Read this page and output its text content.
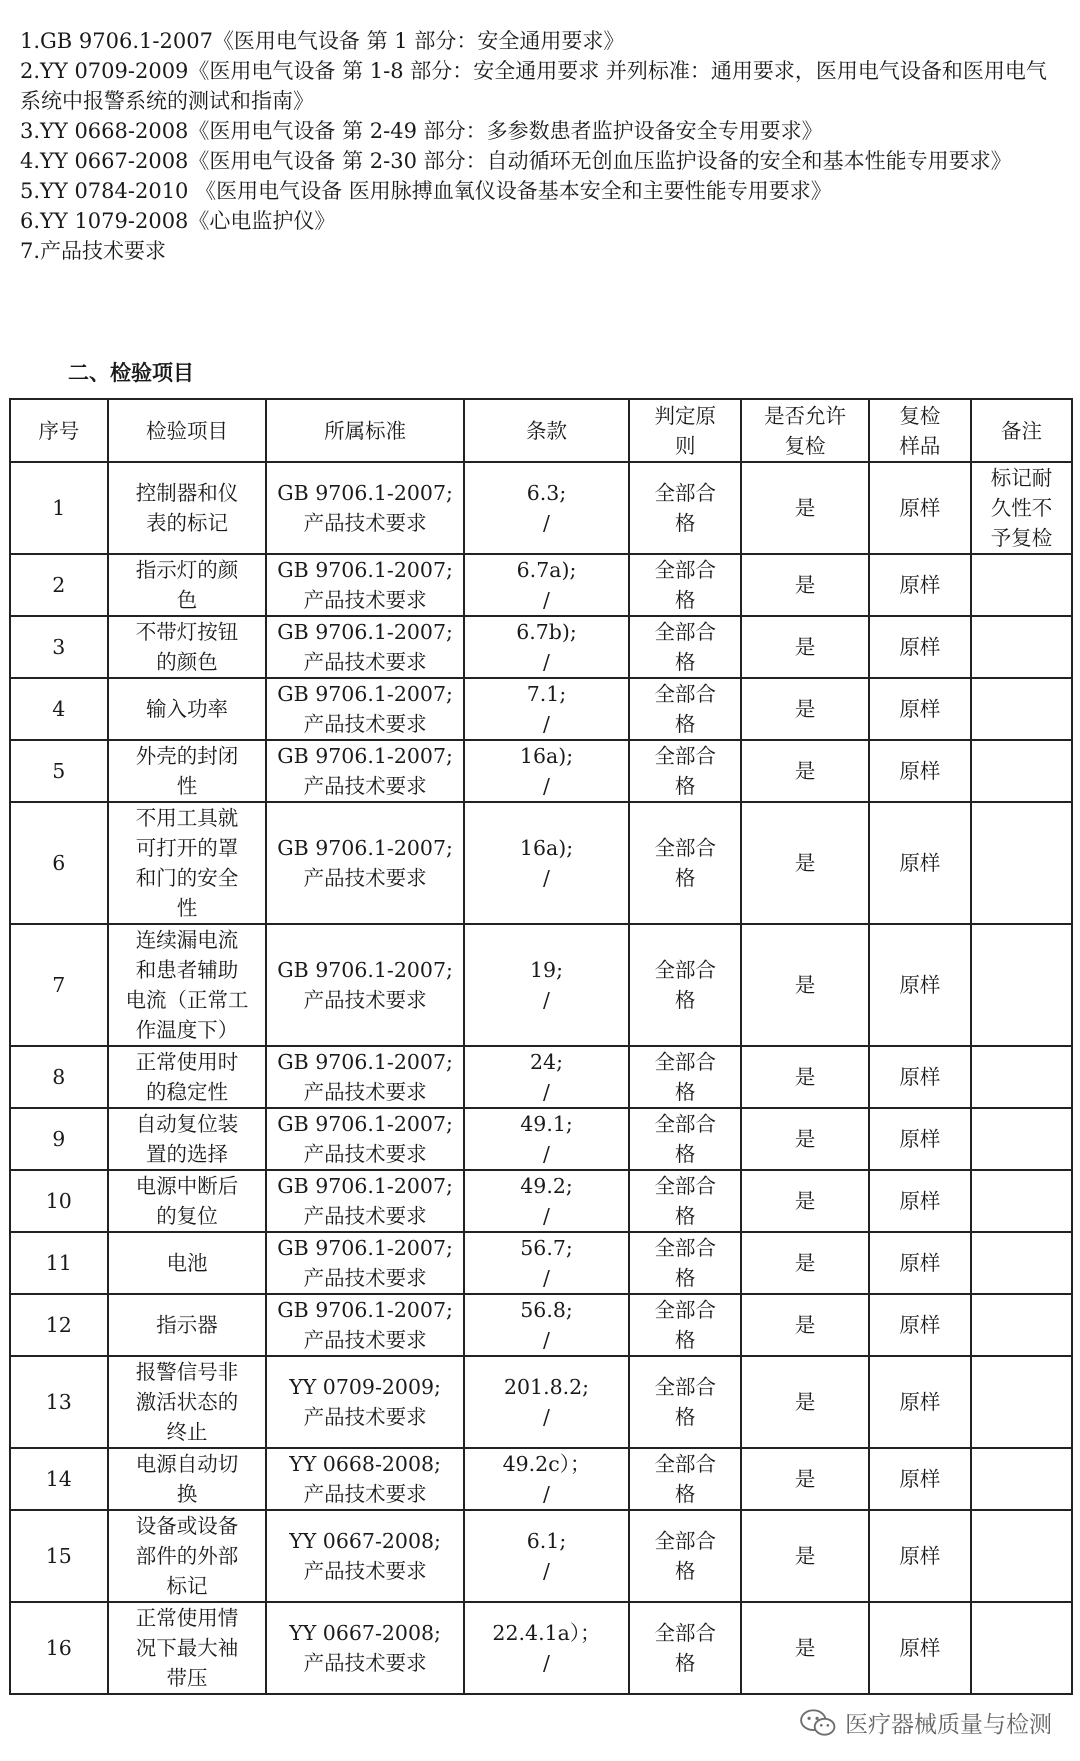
1.GB 9706.1-2007《医用电气设备 第 1 部分：安全通用要求》

2.YY 0709-2009《医用电气设备 第 1-8 部分：安全通用要求 并列标准：通用要求，医用电气设备和医用电气系统中报警系统的测试和指南》

3.YY 0668-2008《医用电气设备 第 2-49 部分：多参数患者监护设备安全专用要求》

4.YY 0667-2008《医用电气设备 第 2-30 部分：自动循环无创血压监护设备的安全和基本性能专用要求》

5.YY 0784-2010 《医用电气设备 医用脉搏血氧仪设备基本安全和主要性能专用要求》

6.YY 1079-2008《心电监护仪》

7.产品技术要求

二、检验项目
序号	检验项目	所属标准	条款	判定原
则	是否允许
复检	复检
样品	备注
1	控制器和仪
表的标记	GB 9706.1-2007;
产品技术要求	6.3;
/	全部合
格	是	原样	标记耐
久性不
予复检

2	指示灯的颜
色	GB 9706.1-2007;
产品技术要求	6.7a);
/	全部合
格	是	原样	
3	不带灯按钮
的颜色	GB 9706.1-2007;
产品技术要求	6.7b);
/	全部合
格	是	原样	
4	输入功率	GB 9706.1-2007;
产品技术要求	7.1;
/	全部合
格	是	原样	
5	外壳的封闭
性	GB 9706.1-2007;
产品技术要求	16a);
/	全部合
格	是	原样	
6	不用工具就
可打开的罩
和门的安全
性	GB 9706.1-2007;
产品技术要求	16a);
/	全部合
格	是	原样	
7	连续漏电流
和患者辅助
电流（正常工
作温度下）	GB 9706.1-2007;
产品技术要求	19;
/	全部合
格	是	原样	
8	正常使用时
的稳定性	GB 9706.1-2007;
产品技术要求	24;
/	全部合
格	是	原样	
9	自动复位装
置的选择	GB 9706.1-2007;
产品技术要求	49.1;
/	全部合
格	是	原样	
10	电源中断后
的复位	GB 9706.1-2007;
产品技术要求	49.2;
/	全部合
格	是	原样	
11	电池	GB 9706.1-2007;
产品技术要求	56.7;
/	全部合
格	是	原样	
12	指示器	GB 9706.1-2007;
产品技术要求	56.8;
/	全部合
格	是	原样	
13	报警信号非
激活状态的
终止	YY 0709-2009;
产品技术要求	201.8.2;
/	全部合
格	是	原样	
14	电源自动切
换	YY 0668-2008;
产品技术要求	49.2c）；
/	全部合
格	是	原样	
15	设备或设备
部件的外部
标记	YY 0667-2008;
产品技术要求	6.1;
/	全部合
格	是	原样	
16	正常使用情
况下最大袖
带压	YY 0667-2008;
产品技术要求	22.4.1a）；
/	全部合
格	是	原样	
医疗器械质量与检测
